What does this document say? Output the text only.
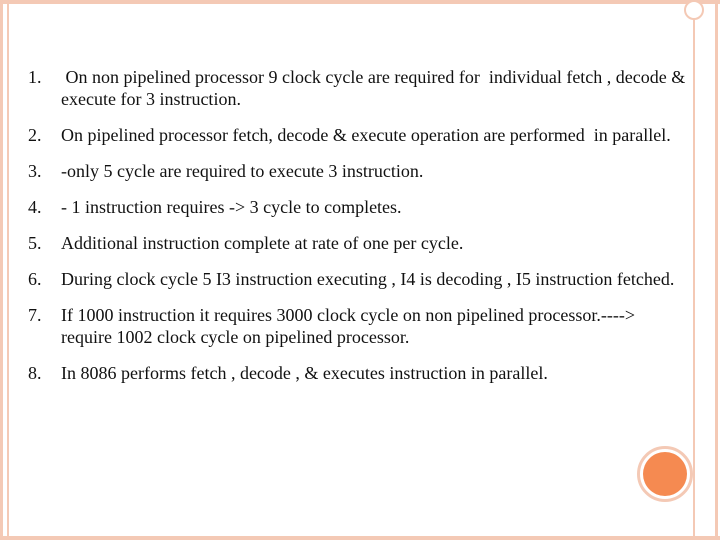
1.	On non pipelined processor 9 clock cycle are required for  individual fetch , decode & execute for 3 instruction.
2.	On pipelined processor fetch, decode & execute operation are performed  in parallel.
3.	-only 5 cycle are required to execute 3 instruction.
4.	- 1 instruction requires -> 3 cycle to completes.
5.	Additional instruction complete at rate of one per cycle.
6.	During clock cycle 5 I3 instruction executing , I4 is decoding , I5 instruction fetched.
7.	If 1000 instruction it requires 3000 clock cycle on non pipelined processor.----> require 1002 clock cycle on pipelined processor.
8.	In 8086 performs fetch , decode , & executes instruction in parallel.
